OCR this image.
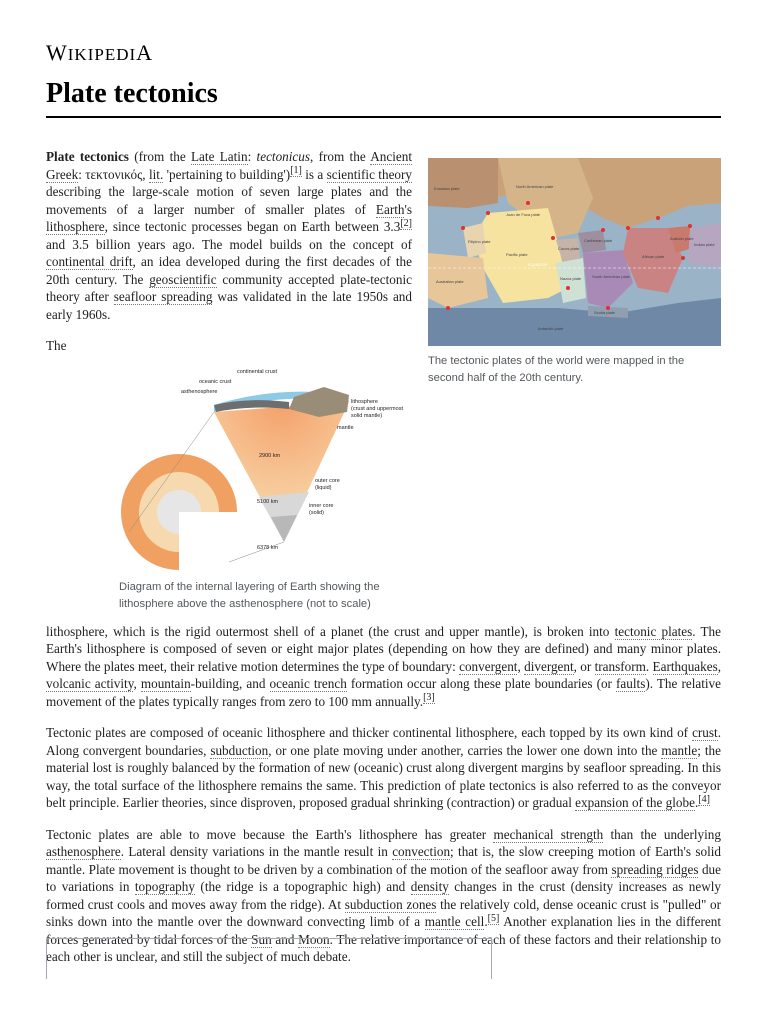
WIKIPEDIA
Plate tectonics
Eurasian plate	North American plate
Juan de Fuca plate
Filipino plate
Pacific plate
Cocos plate
Caribbean plate
Nazca plate	South American plate
African plate
Arabian plate
Indian plate
Australian plate
Scotia plate
Antarctic plate
EQUATOR
The tectonic plates of the world were mapped in the second half of the 20th century.

Plate tectonics (from the Late Latin: tectonicus, from the Ancient Greek: τεκτονικός, lit. 'pertaining to building')[1] is a scientific theory describing the large-scale motion of seven large plates and the movements of a larger number of smaller plates of Earth's lithosphere, since tectonic processes began on Earth between 3.3[2] and 3.5 billion years ago. The model builds on the concept of continental drift, an idea developed during the first decades of the 20th century. The geoscientific community accepted plate-tectonic theory after seafloor spreading was validated in the late 1950s and early 1960s.

continental crust
oceanic crust
asthenosphere
lithosphere
(crust and uppermost
solid mantle)
mantle
2900 km
outer core
(liquid)
5100 km
inner core
(solid)
6378 km
Diagram of the internal layering of Earth showing the lithosphere above the asthenosphere (not to scale)

The lithosphere, which is the rigid outermost shell of a planet (the crust and upper mantle), is broken into tectonic plates. The Earth's lithosphere is composed of seven or eight major plates (depending on how they are defined) and many minor plates. Where the plates meet, their relative motion determines the type of boundary: convergent, divergent, or transform. Earthquakes, volcanic activity, mountain-building, and oceanic trench formation occur along these plate boundaries (or faults). The relative movement of the plates typically ranges from zero to 100 mm annually.[3]

Tectonic plates are composed of oceanic lithosphere and thicker continental lithosphere, each topped by its own kind of crust. Along convergent boundaries, subduction, or one plate moving under another, carries the lower one down into the mantle; the material lost is roughly balanced by the formation of new (oceanic) crust along divergent margins by seafloor spreading. In this way, the total surface of the lithosphere remains the same. This prediction of plate tectonics is also referred to as the conveyor belt principle. Earlier theories, since disproven, proposed gradual shrinking (contraction) or gradual expansion of the globe.[4]

Tectonic plates are able to move because the Earth's lithosphere has greater mechanical strength than the underlying asthenosphere. Lateral density variations in the mantle result in convection; that is, the slow creeping motion of Earth's solid mantle. Plate movement is thought to be driven by a combination of the motion of the seafloor away from spreading ridges due to variations in topography (the ridge is a topographic high) and density changes in the crust (density increases as newly formed crust cools and moves away from the ridge). At subduction zones the relatively cold, dense oceanic crust is "pulled" or sinks down into the mantle over the downward convecting limb of a mantle cell.[5] Another explanation lies in the different forces generated by tidal forces of the Sun and Moon. The relative importance of each of these factors and their relationship to each other is unclear, and still the subject of much debate.
